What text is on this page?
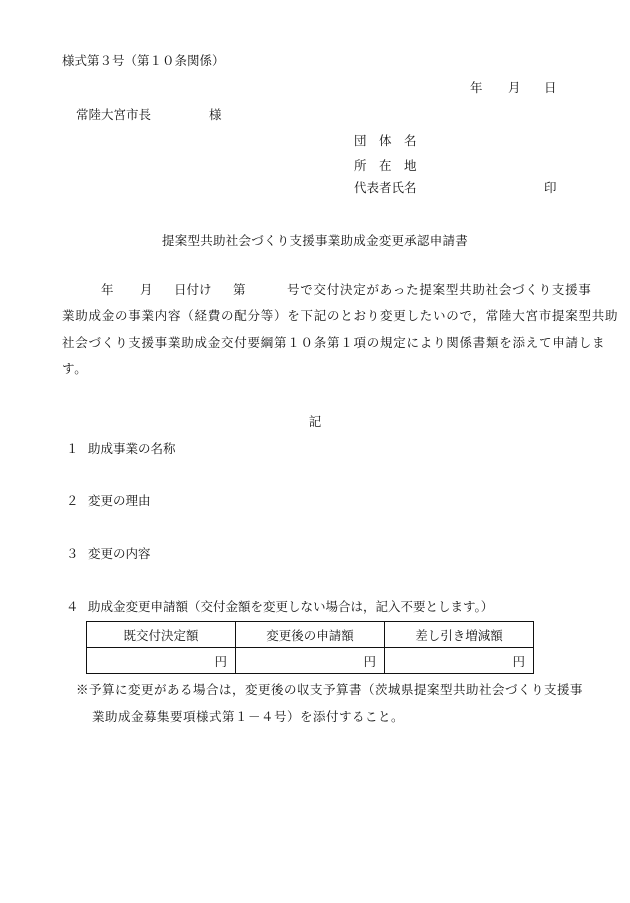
様式第３号（第１０条関係）
年 月 日
常陸大宮市長	様
団　体　名
所　在　地
代表者氏名	印
提案型共助社会づくり支援事業助成金変更承認申請書
年 月 日付け 第	号で交付決定があった提案型共助社会づくり支援事
業助成金の事業内容（経費の配分等）を下記のとおり変更したいので，常陸大宮市提案型共助
社会づくり支援事業助成金交付要綱第１０条第１項の規定により関係書類を添えて申請しま
す。
記
１ 助成事業の名称
２ 変更の理由
３ 変更の内容
４ 助成金変更申請額（交付金額を変更しない場合は，記入不要とします。）
既交付決定額	変更後の申請額	差し引き増減額
円	円	円
※予算に変更がある場合は，変更後の収支予算書（茨城県提案型共助社会づくり支援事
業助成金募集要項様式第１－４号）を添付すること。
